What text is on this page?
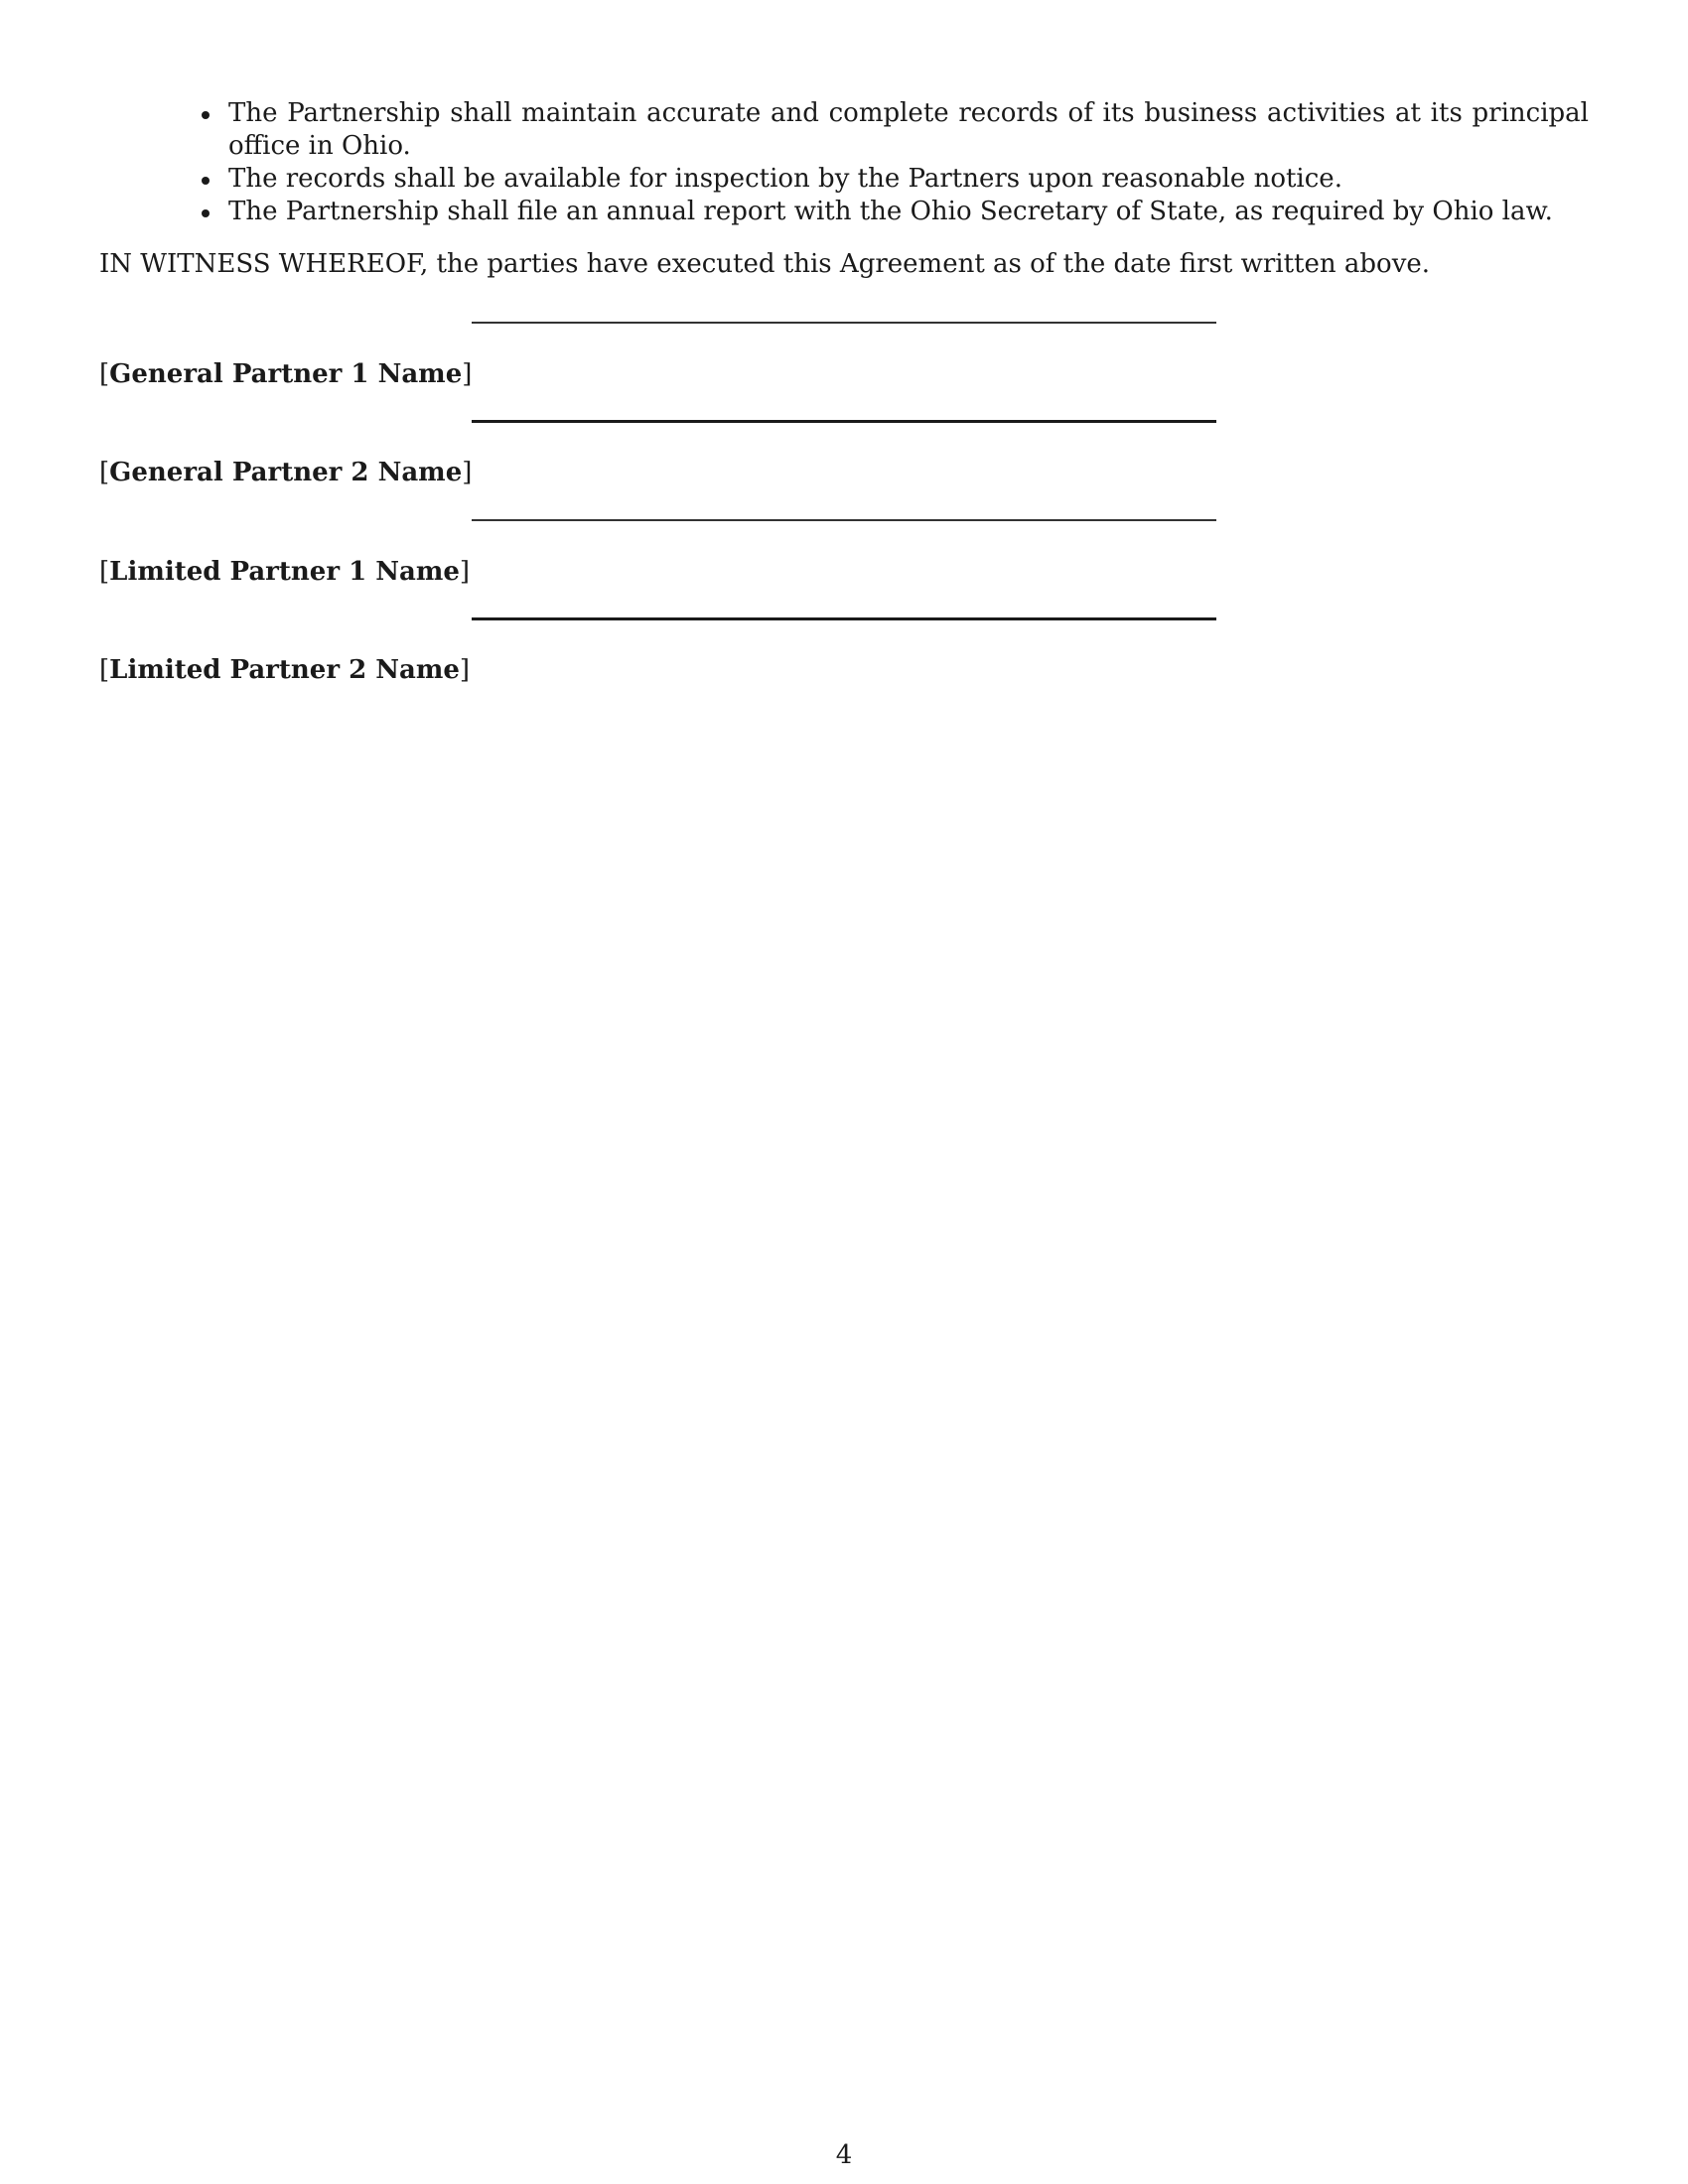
The Partnership shall maintain accurate and complete records of its business activities at its principal office in Ohio.
The records shall be available for inspection by the Partners upon reasonable notice.
The Partnership shall file an annual report with the Ohio Secretary of State, as required by Ohio law.

IN WITNESS WHEREOF, the parties have executed this Agreement as of the date first written above.

[General Partner 1 Name]
[General Partner 2 Name]
[Limited Partner 1 Name]
[Limited Partner 2 Name]
4
